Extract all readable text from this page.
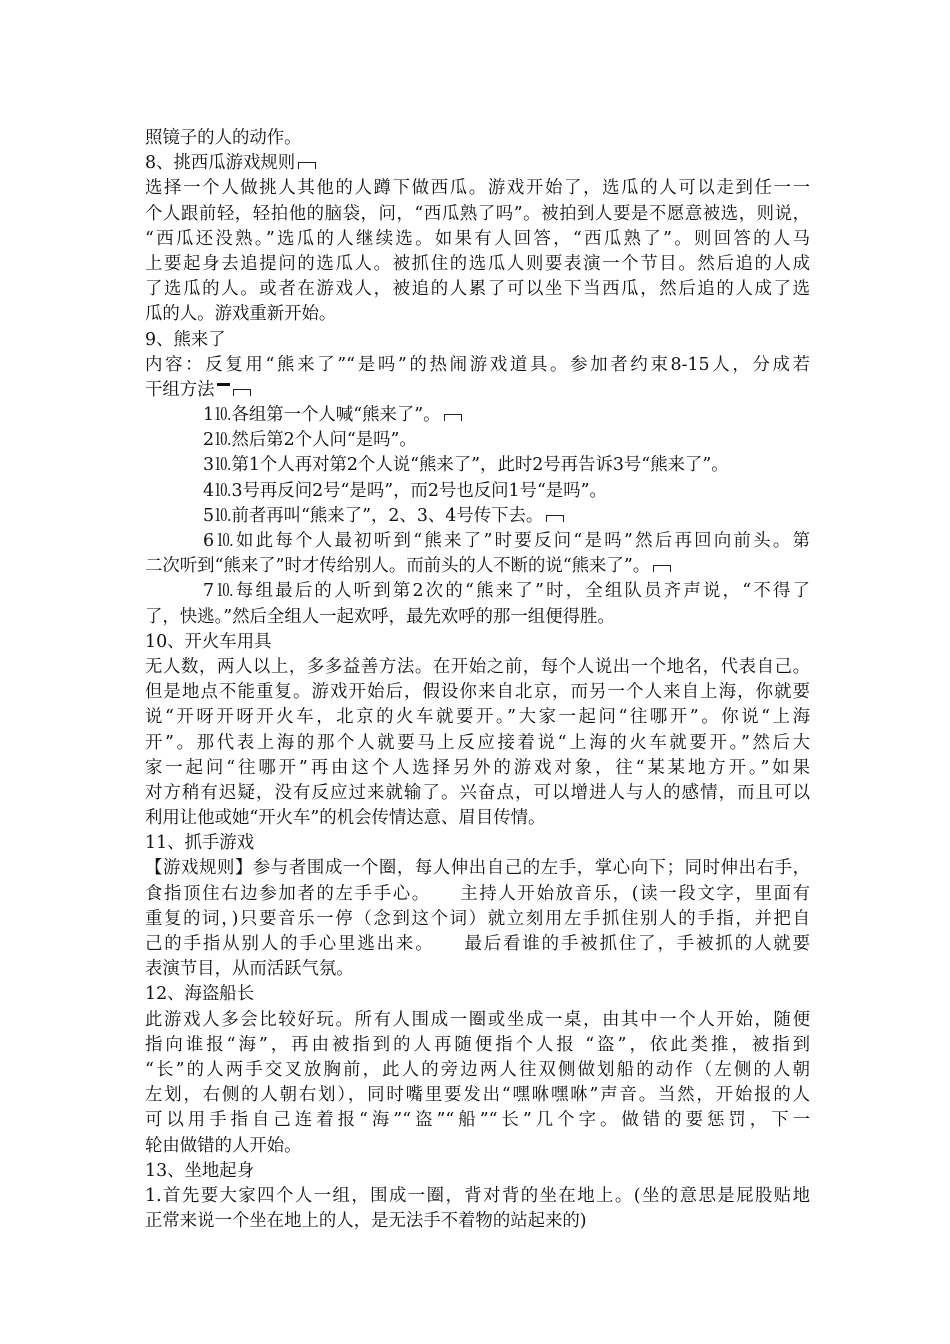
照镜子的人的动作。
8、挑西瓜游戏规则
选择一个人做挑人其他的人蹲下做西瓜。游戏开始了，选瓜的人可以走到任一一
个人跟前轻，轻拍他的脑袋，问，“西瓜熟了吗”。被拍到人要是不愿意被选，则说，
“西瓜还没熟。”选瓜的人继续选。如果有人回答，“西瓜熟了”。则回答的人马
上要起身去追提问的选瓜人。被抓住的选瓜人则要表演一个节目。然后追的人成
了选瓜的人。或者在游戏人，被追的人累了可以坐下当西瓜，然后追的人成了选
瓜的人。游戏重新开始。
9、熊来了
内容：反复用“熊来了”“是吗”的热闹游戏道具。参加者约束8-15人，分成若
干组方法
1⒑各组第一个人喊“熊来了”。
2⒑然后第2个人问“是吗”。
3⒑第1个人再对第2个人说“熊来了”，此时2号再告诉3号“熊来了”。
4⒑3号再反问2号“是吗”，而2号也反问1号“是吗”。
5⒑前者再叫“熊来了”，2、3、4号传下去。
6⒑如此每个人最初听到“熊来了”时要反问“是吗”然后再回向前头。第
二次听到“熊来了”时才传给别人。而前头的人不断的说“熊来了”。
7⒑每组最后的人听到第2次的“熊来了”时，全组队员齐声说，“不得了
了，快逃。”然后全组人一起欢呼，最先欢呼的那一组便得胜。
10、开火车用具
无人数，两人以上，多多益善方法。在开始之前，每个人说出一个地名，代表自己。
但是地点不能重复。游戏开始后，假设你来自北京，而另一个人来自上海，你就要
说“开呀开呀开火车，北京的火车就要开。”大家一起问“往哪开”。你说“上海
开”。那代表上海的那个人就要马上反应接着说“上海的火车就要开。”然后大
家一起问“往哪开”再由这个人选择另外的游戏对象，往“某某地方开。”如果
对方稍有迟疑，没有反应过来就输了。兴奋点，可以增进人与人的感情，而且可以
利用让他或她“开火车”的机会传情达意、眉目传情。
11、抓手游戏
【游戏规则】参与者围成一个圈，每人伸出自己的左手，掌心向下；同时伸出右手，
食指顶住右边参加者的左手手心。　　主持人开始放音乐，(读一段文字，里面有
重复的词，)只要音乐一停（念到这个词）就立刻用左手抓住别人的手指，并把自
己的手指从别人的手心里逃出来。　　最后看谁的手被抓住了，手被抓的人就要
表演节目，从而活跃气氛。
12、海盗船长
此游戏人多会比较好玩。所有人围成一圈或坐成一桌，由其中一个人开始，随便
指向谁报“海”，再由被指到的人再随便指个人报 “盗”，依此类推，被指到
“长”的人两手交叉放胸前，此人的旁边两人往双侧做划船的动作（左侧的人朝
左划，右侧的人朝右划），同时嘴里要发出“嘿咻嘿咻”声音。当然，开始报的人
可以用手指自己连着报“海”“盗”“船”“长”几个字。做错的要惩罚，下一
轮由做错的人开始。
13、坐地起身
1.首先要大家四个人一组，围成一圈，背对背的坐在地上。(坐的意思是屁股贴地
正常来说一个坐在地上的人，是无法手不着物的站起来的)
